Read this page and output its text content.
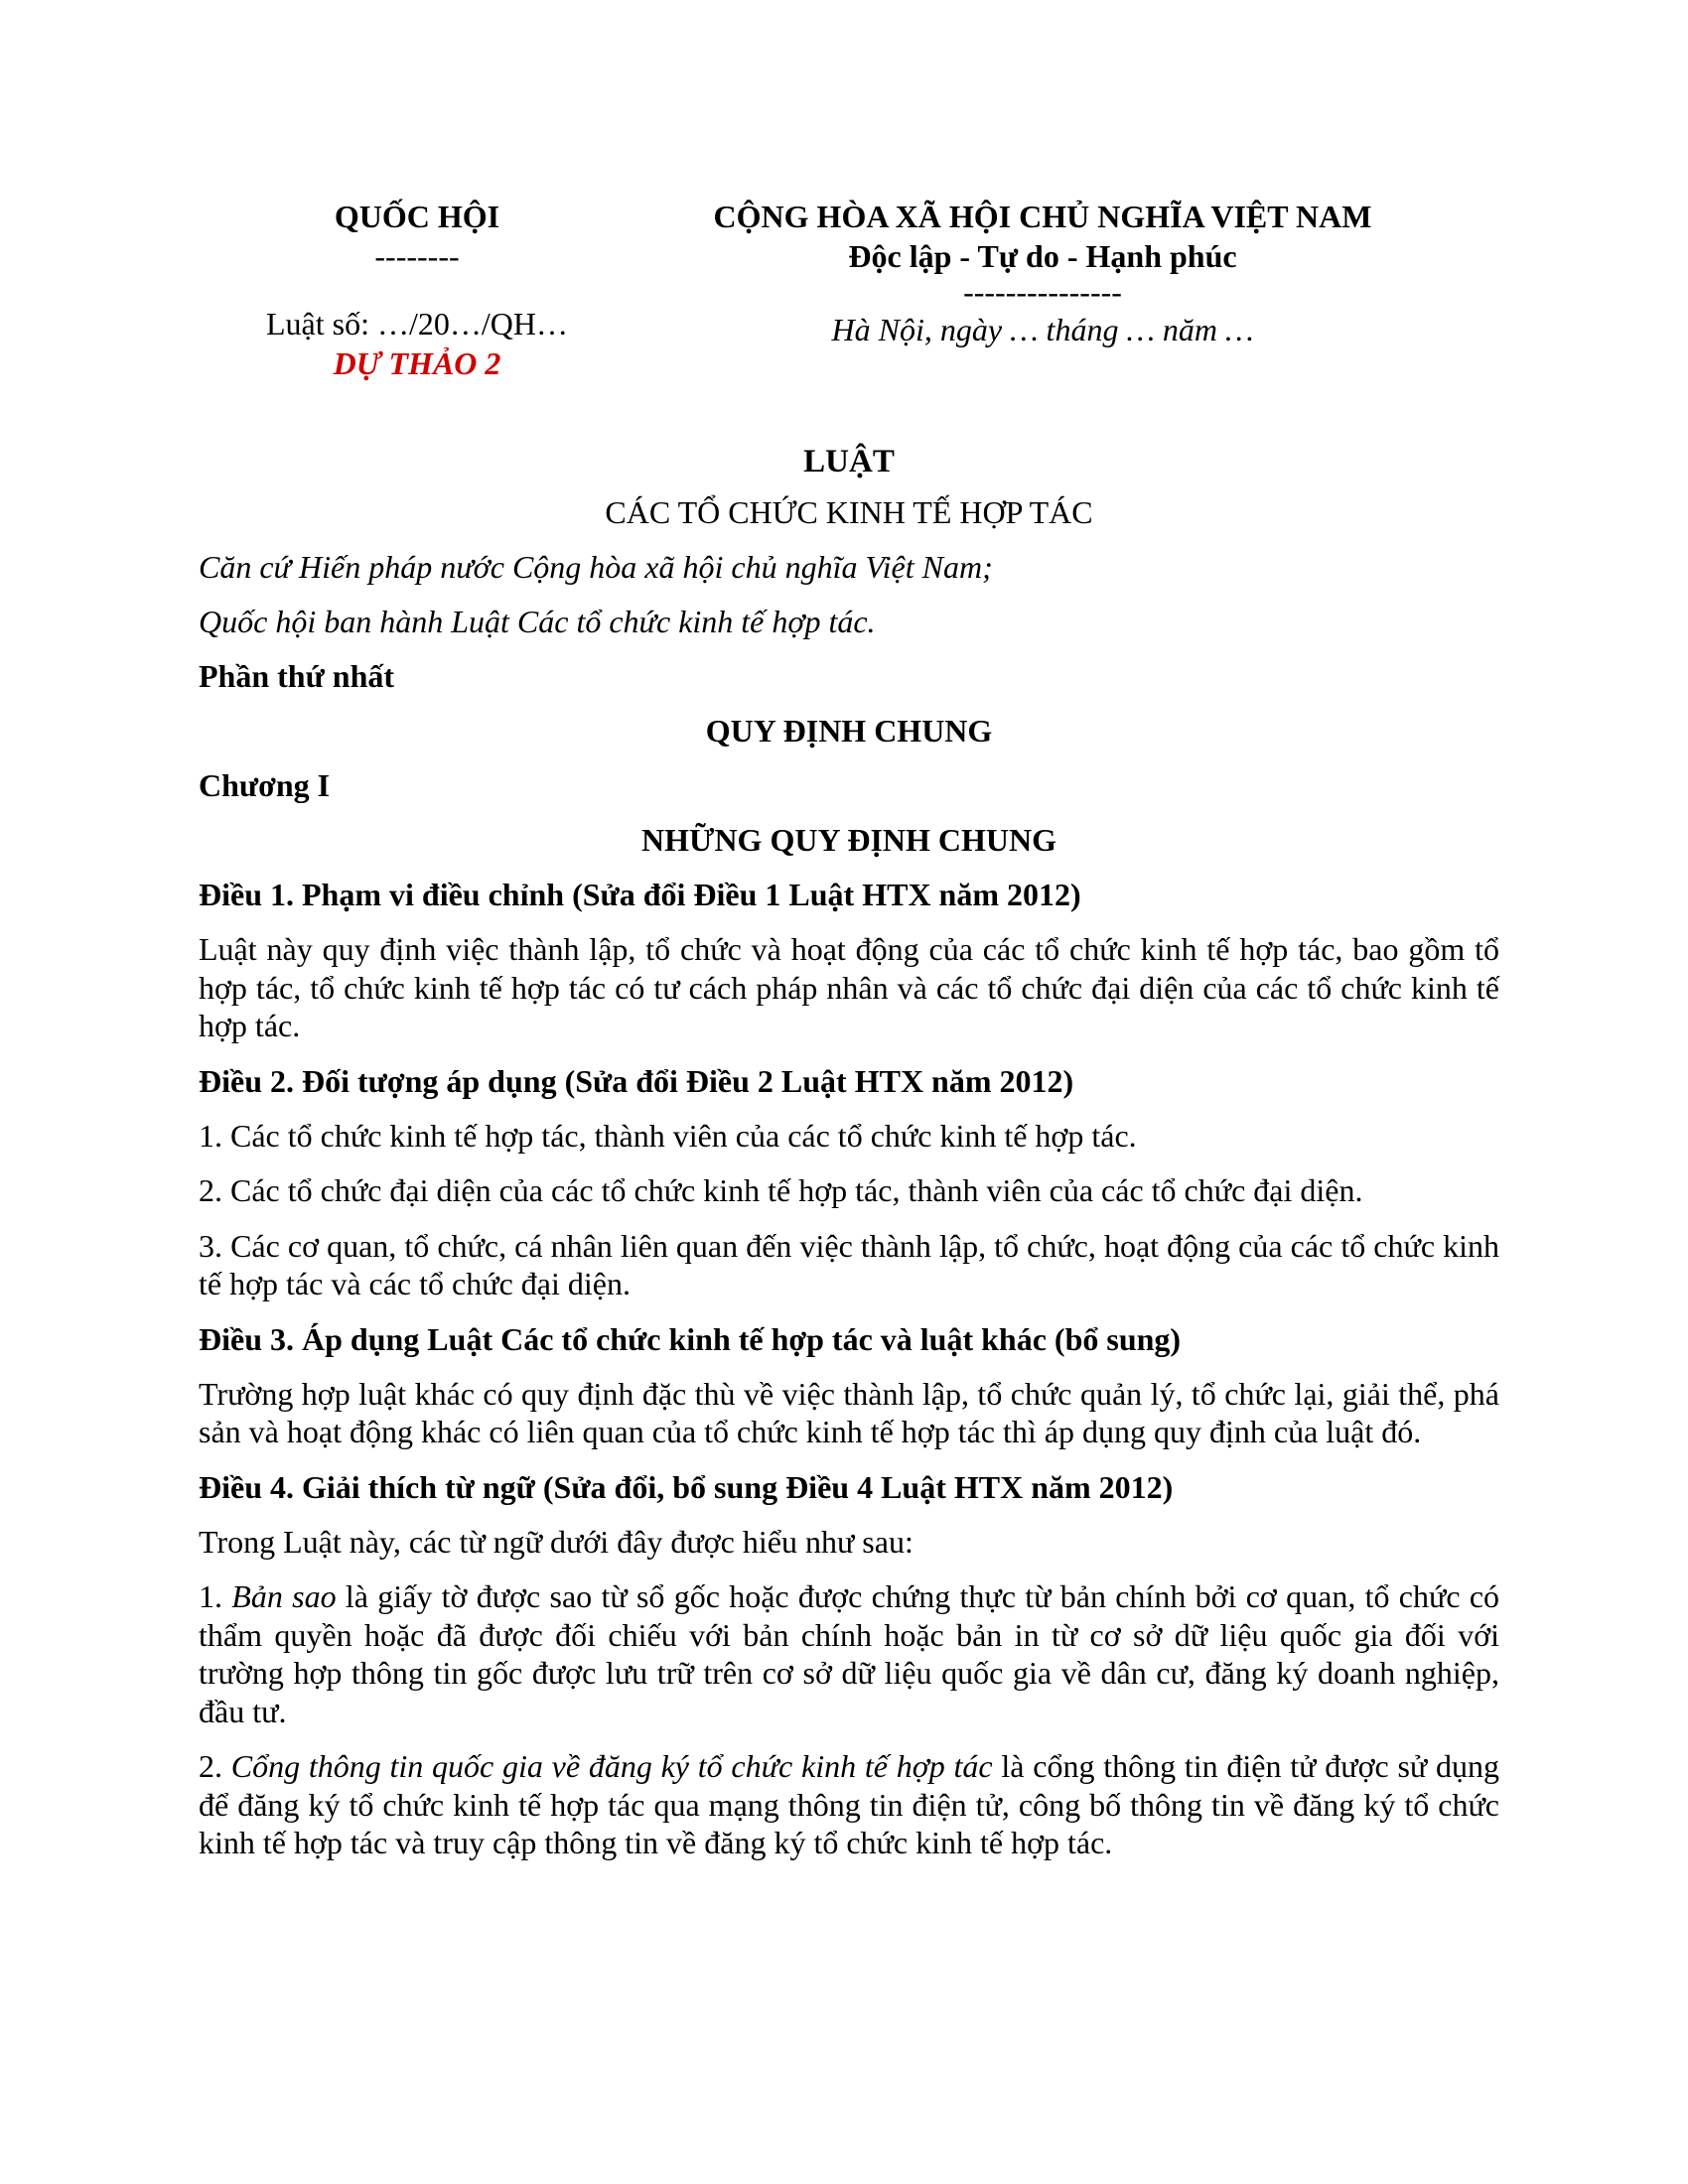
QUỐC HỘI
--------
Luật số: …/20…/QH…
DỰ THẢO 2
CỘNG HÒA XÃ HỘI CHỦ NGHĨA VIỆT NAM
Độc lập - Tự do - Hạnh phúc
---------------
Hà Nội, ngày … tháng … năm …
LUẬT
CÁC TỔ CHỨC KINH TẾ HỢP TÁC
Căn cứ Hiến pháp nước Cộng hòa xã hội chủ nghĩa Việt Nam;
Quốc hội ban hành Luật Các tổ chức kinh tế hợp tác.
Phần thứ nhất
QUY ĐỊNH CHUNG
Chương I
NHỮNG QUY ĐỊNH CHUNG
Điều 1. Phạm vi điều chỉnh (Sửa đổi Điều 1 Luật HTX năm 2012)
Luật này quy định việc thành lập, tổ chức và hoạt động của các tổ chức kinh tế hợp tác, bao gồm tổ hợp tác, tổ chức kinh tế hợp tác có tư cách pháp nhân và các tổ chức đại diện của các tổ chức kinh tế hợp tác.
Điều 2. Đối tượng áp dụng (Sửa đổi Điều 2 Luật HTX năm 2012)
1. Các tổ chức kinh tế hợp tác, thành viên của các tổ chức kinh tế hợp tác.
2. Các tổ chức đại diện của các tổ chức kinh tế hợp tác, thành viên của các tổ chức đại diện.
3. Các cơ quan, tổ chức, cá nhân liên quan đến việc thành lập, tổ chức, hoạt động của các tổ chức kinh tế hợp tác và các tổ chức đại diện.
Điều 3. Áp dụng Luật Các tổ chức kinh tế hợp tác và luật khác (bổ sung)
Trường hợp luật khác có quy định đặc thù về việc thành lập, tổ chức quản lý, tổ chức lại, giải thể, phá sản và hoạt động khác có liên quan của tổ chức kinh tế hợp tác thì áp dụng quy định của luật đó.
Điều 4. Giải thích từ ngữ (Sửa đổi, bổ sung Điều 4 Luật HTX năm 2012)
Trong Luật này, các từ ngữ dưới đây được hiểu như sau:
1. Bản sao là giấy tờ được sao từ sổ gốc hoặc được chứng thực từ bản chính bởi cơ quan, tổ chức có thẩm quyền hoặc đã được đối chiếu với bản chính hoặc bản in từ cơ sở dữ liệu quốc gia đối với trường hợp thông tin gốc được lưu trữ trên cơ sở dữ liệu quốc gia về dân cư, đăng ký doanh nghiệp, đầu tư.
2. Cổng thông tin quốc gia về đăng ký tổ chức kinh tế hợp tác là cổng thông tin điện tử được sử dụng để đăng ký tổ chức kinh tế hợp tác qua mạng thông tin điện tử, công bố thông tin về đăng ký tổ chức kinh tế hợp tác và truy cập thông tin về đăng ký tổ chức kinh tế hợp tác.
